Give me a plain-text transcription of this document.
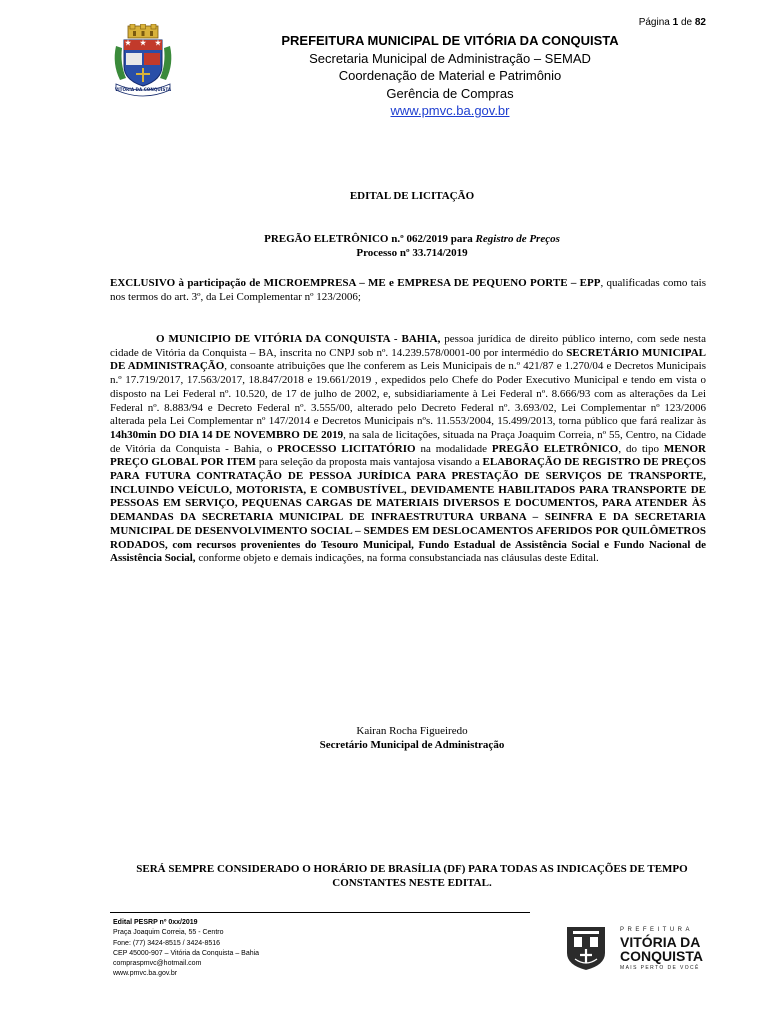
Página 1 de 82
VITÓRIA DA CONQUISTA
PREFEITURA MUNICIPAL DE VITÓRIA DA CONQUISTA
Secretaria Municipal de Administração – SEMAD
Coordenação de Material e Patrimônio
Gerência de Compras
www.pmvc.ba.gov.br
EDITAL DE LICITAÇÃO
PREGÃO ELETRÔNICO n.º 062/2019 para Registro de Preços
Processo nº 33.714/2019
EXCLUSIVO à participação de MICROEMPRESA – ME e EMPRESA DE PEQUENO PORTE – EPP, qualificadas como tais nos termos do art. 3º, da Lei Complementar nº 123/2006;
O MUNICIPIO DE VITÓRIA DA CONQUISTA - BAHIA, pessoa jurídica de direito público interno, com sede nesta cidade de Vitória da Conquista – BA, inscrita no CNPJ sob nº. 14.239.578/0001-00 por intermédio do SECRETÁRIO MUNICIPAL DE ADMINISTRAÇÃO, consoante atribuições que lhe conferem as Leis Municipais de n.º 421/87 e 1.270/04 e Decretos Municipais n.º 17.719/2017, 17.563/2017, 18.847/2018 e 19.661/2019 , expedidos pelo Chefe do Poder Executivo Municipal e tendo em vista o disposto na Lei Federal nº. 10.520, de 17 de julho de 2002, e, subsidiariamente à Lei Federal nº. 8.666/93 com as alterações da Lei Federal nº. 8.883/94 e Decreto Federal nº. 3.555/00, alterado pelo Decreto Federal nº. 3.693/02, Lei Complementar nº 123/2006 alterada pela Lei Complementar nº 147/2014 e Decretos Municipais nºs. 11.553/2004, 15.499/2013, torna público que fará realizar às 14h30min DO DIA 14 DE NOVEMBRO DE 2019, na sala de licitações, situada na Praça Joaquim Correia, nº 55, Centro, na Cidade de Vitória da Conquista - Bahia, o PROCESSO LICITATÓRIO na modalidade PREGÃO ELETRÔNICO, do tipo MENOR PREÇO GLOBAL POR ITEM para seleção da proposta mais vantajosa visando a ELABORAÇÃO DE REGISTRO DE PREÇOS PARA FUTURA CONTRATAÇÃO DE PESSOA JURÍDICA PARA PRESTAÇÃO DE SERVIÇOS DE TRANSPORTE, INCLUINDO VEÍCULO, MOTORISTA, E COMBUSTÍVEL, DEVIDAMENTE HABILITADOS PARA TRANSPORTE DE PESSOAS EM SERVIÇO, PEQUENAS CARGAS DE MATERIAIS DIVERSOS E DOCUMENTOS, PARA ATENDER ÀS DEMANDAS DA SECRETARIA MUNICIPAL DE INFRAESTRUTURA URBANA – SEINFRA E DA SECRETARIA MUNICIPAL DE DESENVOLVIMENTO SOCIAL – SEMDES EM DESLOCAMENTOS AFERIDOS POR QUILÔMETROS RODADOS, com recursos provenientes do Tesouro Municipal, Fundo Estadual de Assistência Social e Fundo Nacional de Assistência Social, conforme objeto e demais indicações, na forma consubstanciada nas cláusulas deste Edital.
Kairan Rocha Figueiredo
Secretário Municipal de Administração
SERÁ SEMPRE CONSIDERADO O HORÁRIO DE BRASÍLIA (DF) PARA TODAS AS INDICAÇÕES DE TEMPO CONSTANTES NESTE EDITAL.
Edital PESRP nº 0xx/2019
Praça Joaquim Correia, 55 - Centro
Fone: (77) 3424-8515 / 3424-8516
CEP 45000-907 – Vitória da Conquista – Bahia
compraspmvc@hotmail.com
www.pmvc.ba.gov.br
PREFEITURA
VITÓRIA DA
CONQUISTA
MAIS PERTO DE VOCÊ
